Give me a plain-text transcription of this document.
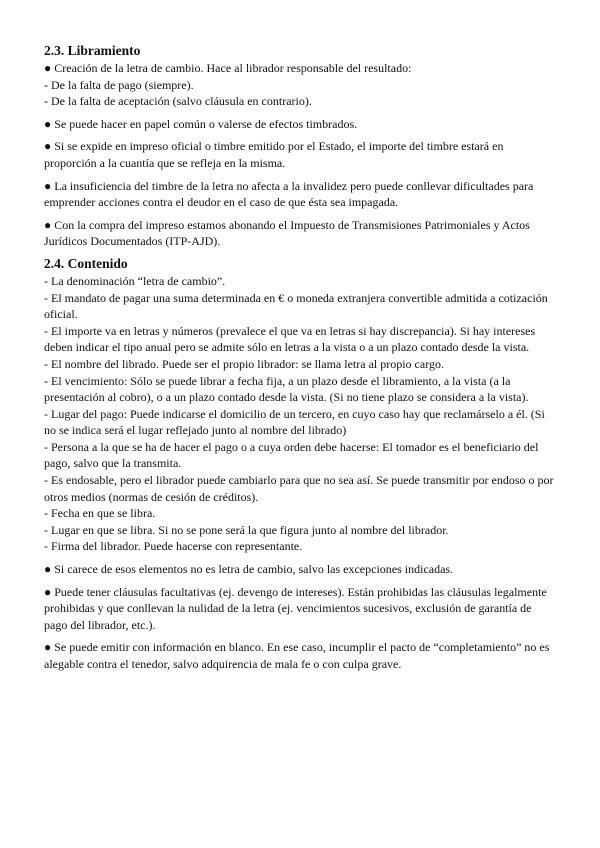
2.3. Libramiento

● Creación de la letra de cambio. Hace al librador responsable del resultado:

- De la falta de pago (siempre).

- De la falta de aceptación (salvo cláusula en contrario).

● Se puede hacer en papel común o valerse de efectos timbrados.

● Si se expide en impreso oficial o timbre emitido por el Estado, el importe del timbre estará en proporción a la cuantía que se refleja en la misma.

● La insuficiencia del timbre de la letra no afecta a la invalidez pero puede conllevar dificultades para emprender acciones contra el deudor en el caso de que ésta sea impagada.

● Con la compra del impreso estamos abonando el Impuesto de Transmisiones Patrimoniales y Actos Jurídicos Documentados (ITP-AJD).

2.4. Contenido

- La denominación “letra de cambio”.

- El mandato de pagar una suma determinada en € o moneda extranjera convertible admitida a cotización oficial.

- El importe va en letras y números (prevalece el que va en letras si hay discrepancia). Si hay intereses deben indicar el tipo anual pero se admite sólo en letras a la vista o a un plazo contado desde la vista.

- El nombre del librado. Puede ser el propio librador: se llama letra al propio cargo.

- El vencimiento: Sólo se puede librar a fecha fija, a un plazo desde el libramiento, a la vista (a la presentación al cobro), o a un plazo contado desde la vista. (Si no tiene plazo se considera a la vista).

- Lugar del pago: Puede indicarse el domicilio de un tercero, en cuyo caso hay que reclamárselo a él. (Si no se indica será el lugar reflejado junto al nombre del librado)

- Persona a la que se ha de hacer el pago o a cuya orden debe hacerse: El tomador es el beneficiario del pago, salvo que la transmita.

- Es endosable, pero el librador puede cambiarlo para que no sea así. Se puede transmitir por endoso o por otros medios (normas de cesión de créditos).

- Fecha en que se libra.

- Lugar en que se libra. Si no se pone será la que figura junto al nombre del librador.

- Firma del librador. Puede hacerse con representante.

● Si carece de esos elementos no es letra de cambio, salvo las excepciones indicadas.

● Puede tener cláusulas facultativas (ej. devengo de intereses). Están prohibidas las cláusulas legalmente prohibidas y que conllevan la nulidad de la letra (ej. vencimientos sucesivos, exclusión de garantía de pago del librador, etc.).

● Se puede emitir con información en blanco. En ese caso, incumplir el pacto de “completamiento” no es alegable contra el tenedor, salvo adquirencia de mala fe o con culpa grave.
